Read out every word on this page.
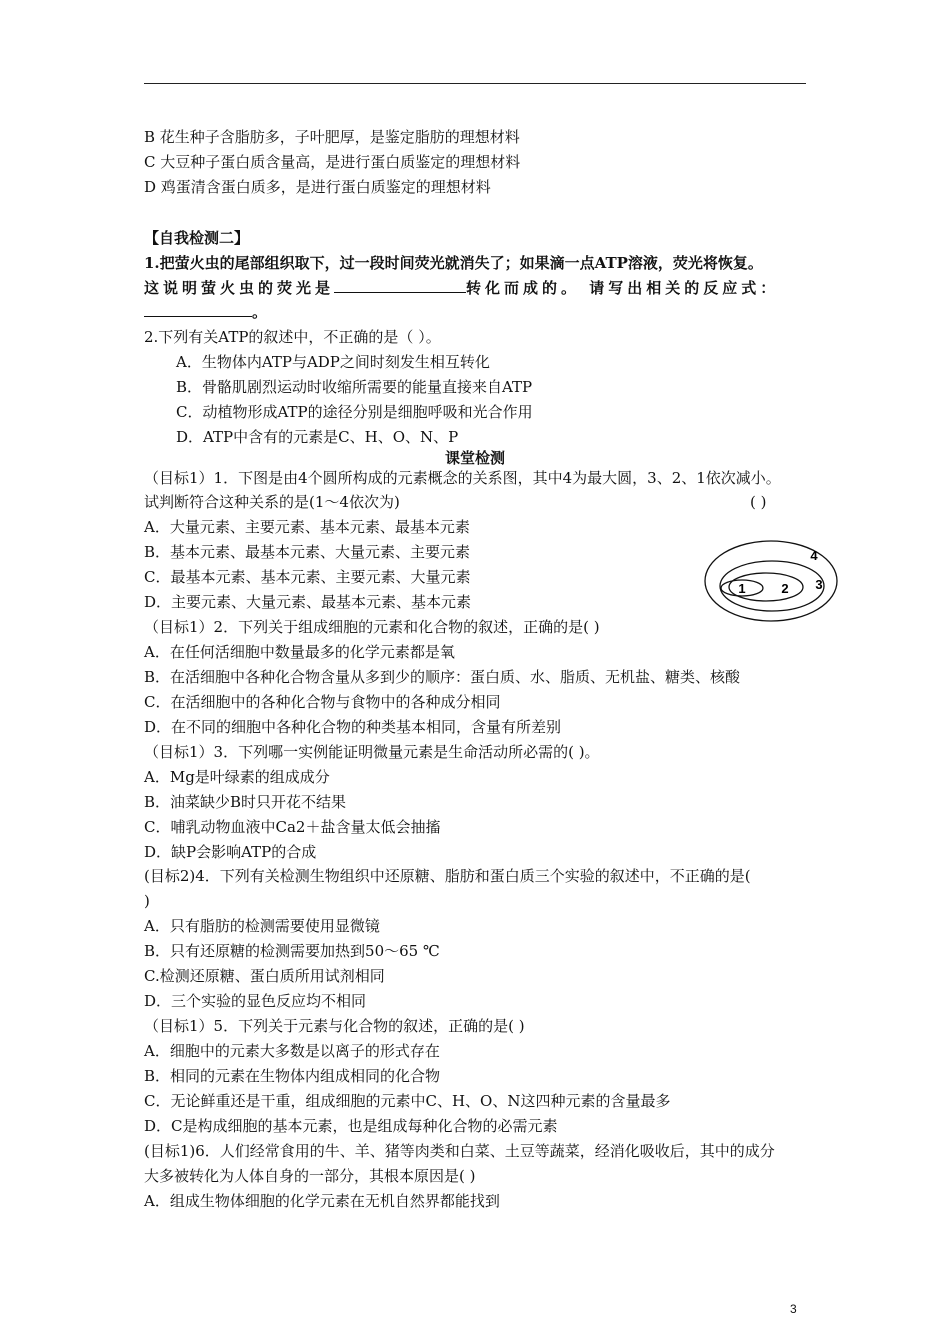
B 花生种子含脂肪多，子叶肥厚，是鉴定脂肪的理想材料
C 大豆种子蛋白质含量高，是进行蛋白质鉴定的理想材料
D 鸡蛋清含蛋白质多，是进行蛋白质鉴定的理想材料
【自我检测二】
1.把萤火虫的尾部组织取下，过一段时间荧光就消失了；如果滴一点ATP溶液，荧光将恢复。
这说明萤火虫的荧光是	转化而成的。 请写出相关的反应式：
。
2.下列有关ATP的叙述中，不正确的是（ ）。
A．生物体内ATP与ADP之间时刻发生相互转化
B．骨骼肌剧烈运动时收缩所需要的能量直接来自ATP
C．动植物形成ATP的途径分别是细胞呼吸和光合作用
D．ATP中含有的元素是C、H、O、N、P
课堂检测
（目标1）1．下图是由4个圆所构成的元素概念的关系图，其中4为最大圆，3、2、1依次减小。
试判断符合这种关系的是(1～4依次为)	( )
A．大量元素、主要元素、基本元素、最基本元素
B．基本元素、最基本元素、大量元素、主要元素
C．最基本元素、基本元素、主要元素、大量元素
D．主要元素、大量元素、最基本元素、基本元素
1	2 3
4
（目标1）2．下列关于组成细胞的元素和化合物的叙述，正确的是( )
A．在任何活细胞中数量最多的化学元素都是氧
B．在活细胞中各种化合物含量从多到少的顺序：蛋白质、水、脂质、无机盐、糖类、核酸
C．在活细胞中的各种化合物与食物中的各种成分相同
D．在不同的细胞中各种化合物的种类基本相同，含量有所差别
（目标1）3．下列哪一实例能证明微量元素是生命活动所必需的( )。
A．Mg是叶绿素的组成成分
B．油菜缺少B时只开花不结果
C．哺乳动物血液中Ca2＋盐含量太低会抽搐
D．缺P会影响ATP的合成
(目标2)4．下列有关检测生物组织中还原糖、脂肪和蛋白质三个实验的叙述中，不正确的是(
)
A．只有脂肪的检测需要使用显微镜
B．只有还原糖的检测需要加热到50～65 ℃
C.检测还原糖、蛋白质所用试剂相同
D．三个实验的显色反应均不相同
（目标1）5．下列关于元素与化合物的叙述，正确的是( )
A．细胞中的元素大多数是以离子的形式存在
B．相同的元素在生物体内组成相同的化合物
C．无论鲜重还是干重，组成细胞的元素中C、H、O、N这四种元素的含量最多
D．C是构成细胞的基本元素，也是组成每种化合物的必需元素
(目标1)6．人们经常食用的牛、羊、猪等肉类和白菜、土豆等蔬菜，经消化吸收后，其中的成分
大多被转化为人体自身的一部分，其根本原因是( )
A．组成生物体细胞的化学元素在无机自然界都能找到
3
